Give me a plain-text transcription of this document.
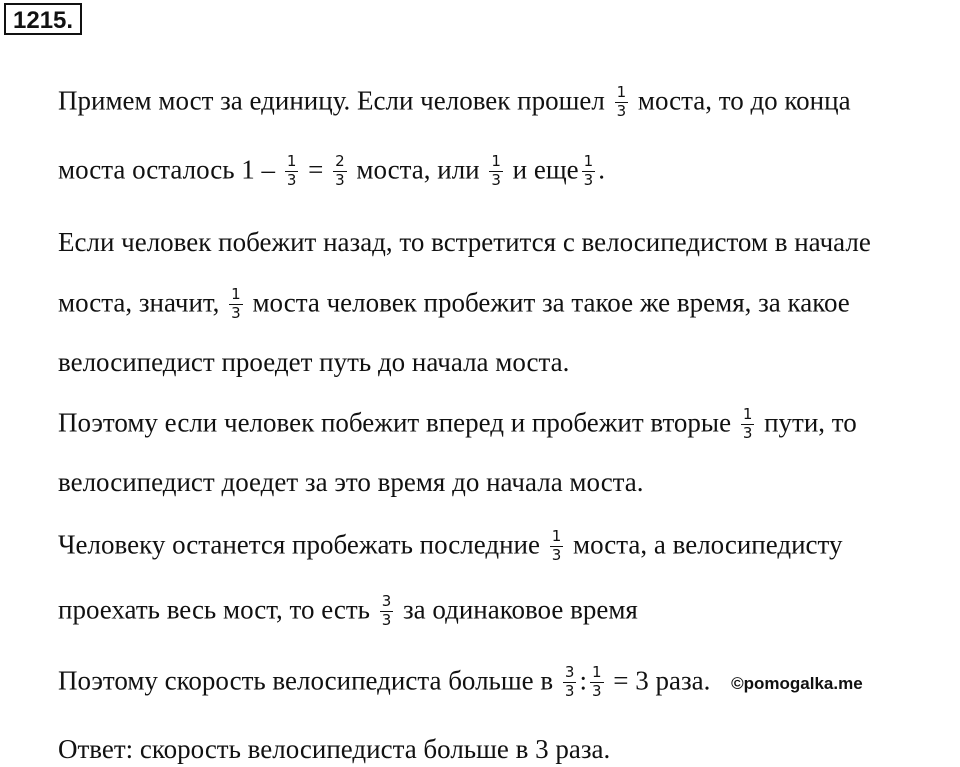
1215.
Примем мост за единицу. Если человек прошел $\frac{1}{3}$ моста, то до конца
моста осталось $1 - \frac{1}{3} = \frac{2}{3}$ моста, или $\frac{1}{3}$ и еще $\frac{1}{3}$ .
Если человек побежит назад, то встретится с велосипедистом в начале
моста, значит, $\frac{1}{3}$ моста человек пробежит за такое же время, за какое
велосипедист проедет путь до начала моста.
Поэтому если человек побежит вперед и пробежит вторые $\frac{1}{3}$ пути, то
велосипедист доедет за это время до начала моста.
Человеку останется пробежать последние $\frac{1}{3}$ моста, а велосипедисту
проехать весь мост, то есть $\frac{3}{3}$ за одинаковое время
Поэтому скорость велосипедиста больше в $\frac{3}{3}$ : $\frac{1}{3} = 3$ раза. ©pomogalka.me
Ответ: скорость велосипедиста больше в 3 раза.
